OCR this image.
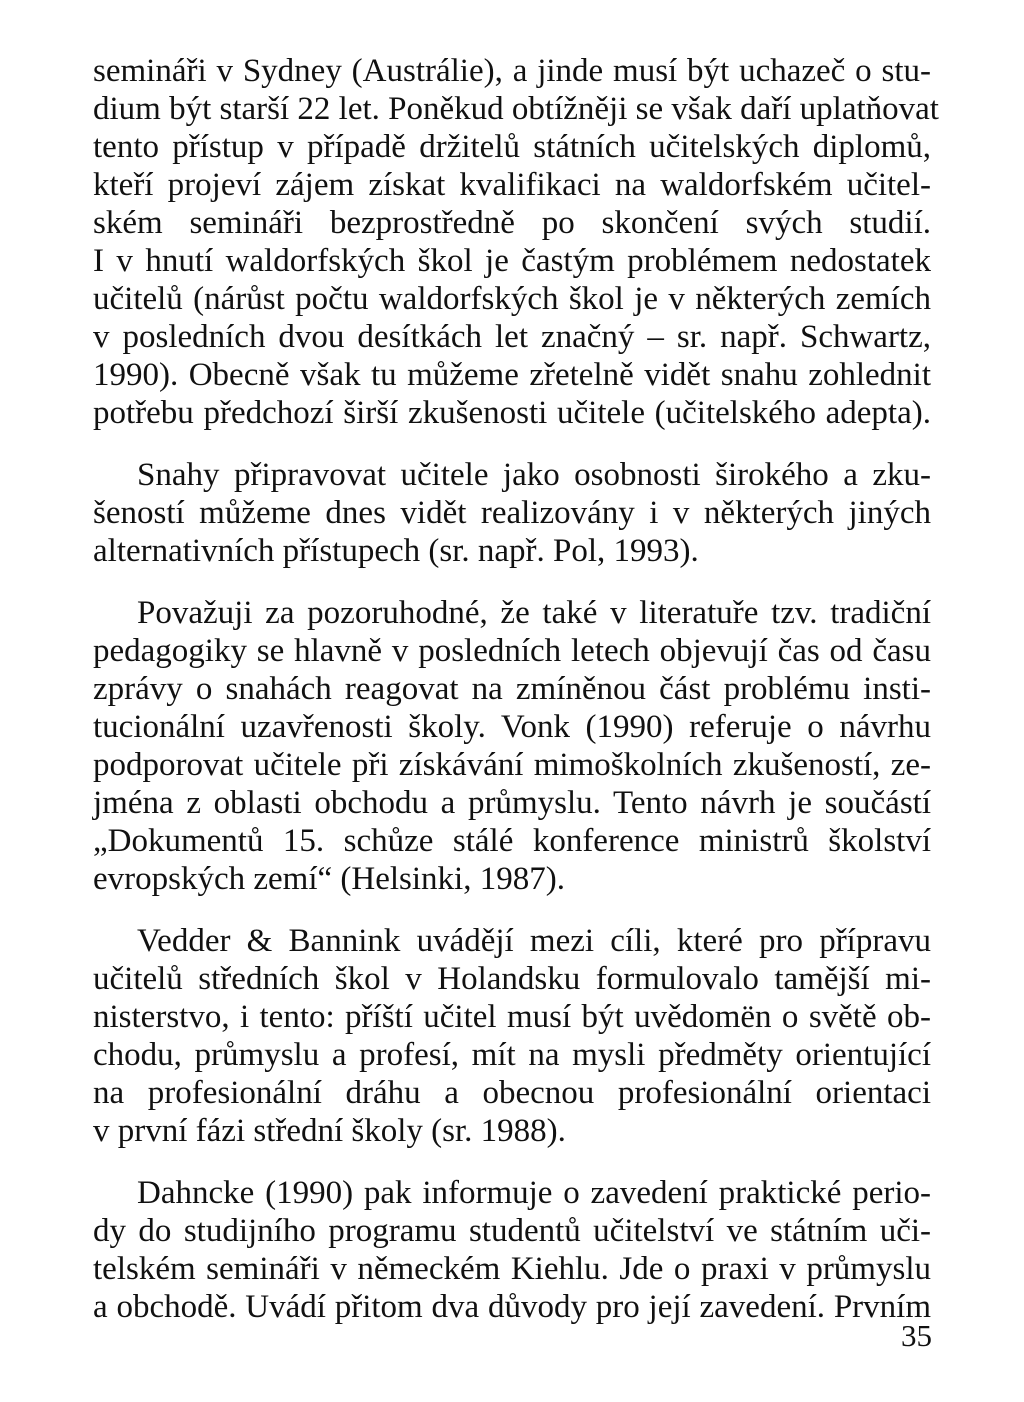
semináři v Sydney (Austrálie), a jinde musí být uchazeč o stu-
dium být starší 22 let. Poněkud obtížněji se však daří uplatňovat
tento přístup v případě držitelů státních učitelských diplomů,
kteří projeví zájem získat kvalifikaci na waldorfském učitel-
ském semináři bezprostředně po skončení svých studií.
I v hnutí waldorfských škol je častým problémem nedostatek
učitelů (nárůst počtu waldorfských škol je v některých zemích
v posledních dvou desítkách let značný – sr. např. Schwartz,
1990). Obecně však tu můžeme zřetelně vidět snahu zohlednit
potřebu předchozí širší zkušenosti učitele (učitelského adepta).

Snahy připravovat učitele jako osobnosti širokého a zku-
šeností můžeme dnes vidět realizovány i v některých jiných
alternativních přístupech (sr. např. Pol, 1993).

Považuji za pozoruhodné, že také v literatuře tzv. tradiční
pedagogiky se hlavně v posledních letech objevují čas od času
zprávy o snahách reagovat na zmíněnou část problému insti-
tucionální uzavřenosti školy. Vonk (1990) referuje o návrhu
podporovat učitele při získávání mimoškolních zkušeností, ze-
jména z oblasti obchodu a průmyslu. Tento návrh je součástí
„Dokumentů 15. schůze stálé konference ministrů školství
evropských zemí“ (Helsinki, 1987).

Vedder & Bannink uvádějí mezi cíli, které pro přípravu
učitelů středních škol v Holandsku formulovalo tamější mi-
nisterstvo, i tento: příští učitel musí být uvědomën o světě ob-
chodu, průmyslu a profesí, mít na mysli předměty orientující
na profesionální dráhu a obecnou profesionální orientaci
v první fázi střední školy (sr. 1988).

Dahncke (1990) pak informuje o zavedení praktické perio-
dy do studijního programu studentů učitelství ve státním uči-
telském semináři v německém Kiehlu. Jde o praxi v průmyslu
a obchodě. Uvádí přitom dva důvody pro její zavedení. Prvním

35
